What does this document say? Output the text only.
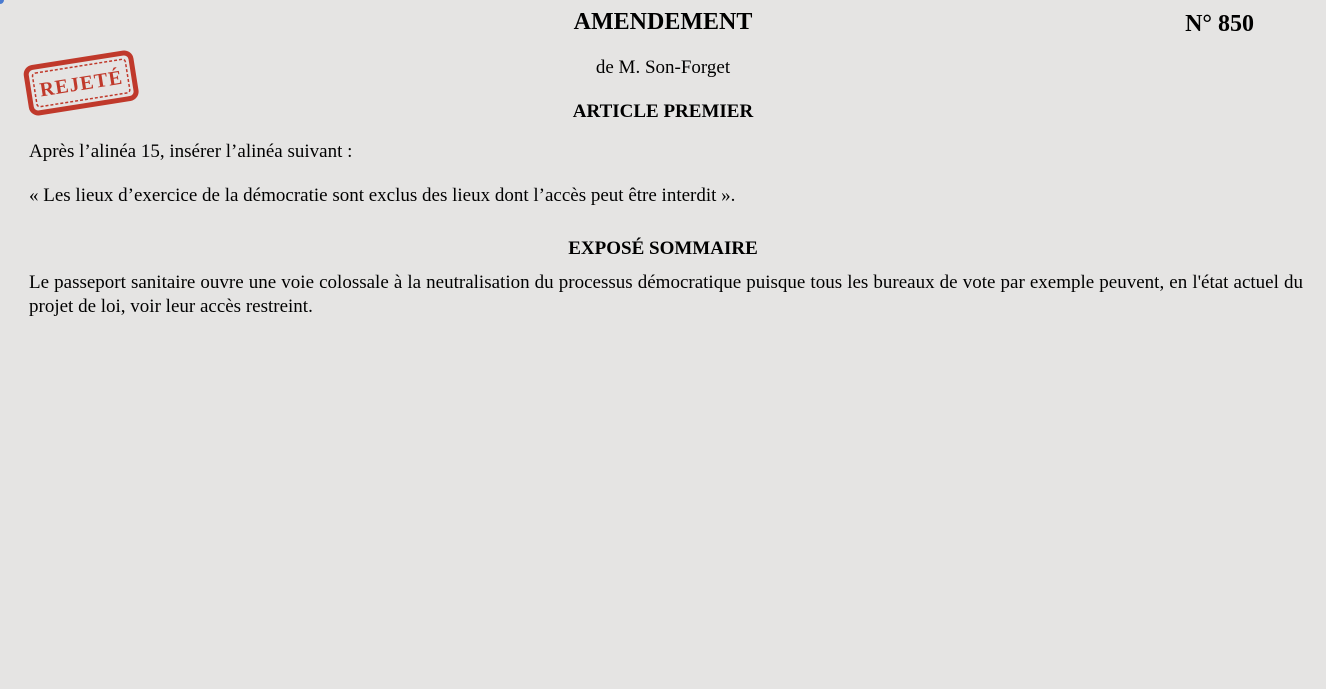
AMENDEMENT	N° 850
REJETÉ	de M. Son-Forget
ARTICLE PREMIER

Après l’alinéa 15, insérer l’alinéa suivant :

« Les lieux d’exercice de la démocratie sont exclus des lieux dont l’accès peut être interdit ».

EXPOSÉ SOMMAIRE

Le passeport sanitaire ouvre une voie colossale à la neutralisation du processus démocratique puisque tous les bureaux de vote par exemple peuvent, en l'état actuel du projet de loi, voir leur accès restreint.
